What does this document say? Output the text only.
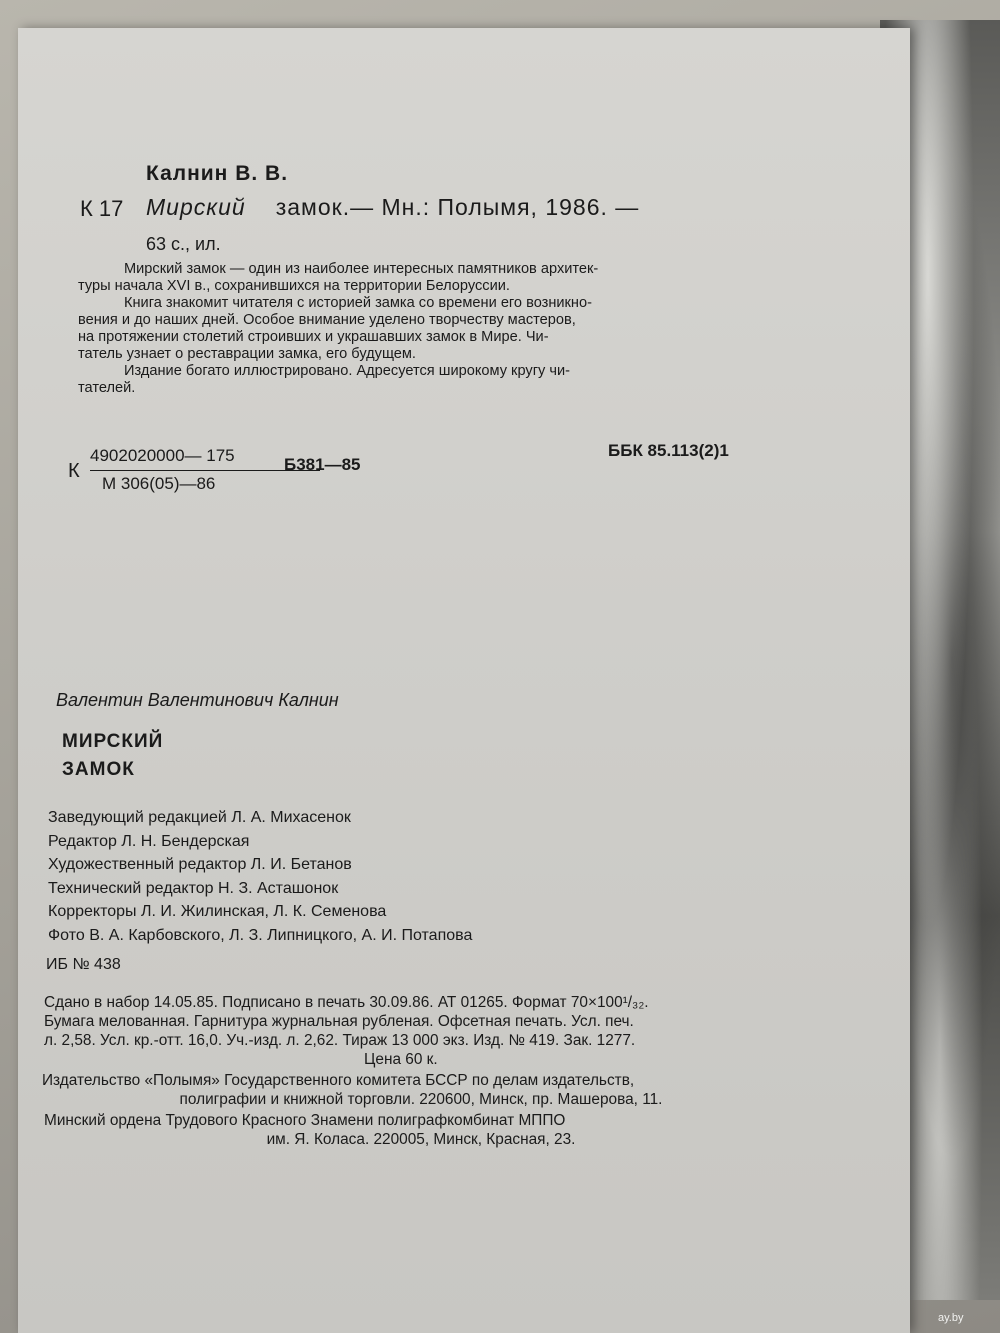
Калнин В. В.
К 17 Мирский замок.— Мн.: Полымя, 1986. —
63 с., ил.

Мирский замок — один из наиболее интересных памятников архитек-

туры начала XVI в., сохранившихся на территории Белоруссии.

Книга знакомит читателя с историей замка со времени его возникно-

вения и до наших дней. Особое внимание уделено творчеству мастеров,

на протяжении столетий строивших и украшавших замок в Мире. Чи-

татель узнает о реставрации замка, его будущем.

Издание богато иллюстрировано. Адресуется широкому кругу чи-

тателей.

К
4902020000— 175
М 306(05)—86
Б381—85
ББК 85.113(2)1
Валентин Валентинович Калнин
МИРСКИЙ
ЗАМОК
Заведующий редакцией Л. А. Михасенок
Редактор Л. Н. Бендерская
Художественный редактор Л. И. Бетанов
Технический редактор Н. З. Асташонок
Корректоры Л. И. Жилинская, Л. К. Семенова
Фото В. А. Карбовского, Л. З. Липницкого, А. И. Потапова
ИБ № 438
Сдано в набор 14.05.85. Подписано в печать 30.09.86. АТ 01265. Формат 70×100¹/₃₂.
Бумага мелованная. Гарнитура журнальная рубленая. Офсетная печать. Усл. печ.
л. 2,58. Усл. кр.-отт. 16,0. Уч.-изд. л. 2,62. Тираж 13 000 экз. Изд. № 419. Зак. 1277.
Цена 60 к.
Издательство «Полымя» Государственного комитета БССР по делам издательств,
полиграфии и книжной торговли. 220600, Минск, пр. Машерова, 11.
Минский ордена Трудового Красного Знамени полиграфкомбинат МППО
им. Я. Коласа. 220005, Минск, Красная, 23.
ay.by
